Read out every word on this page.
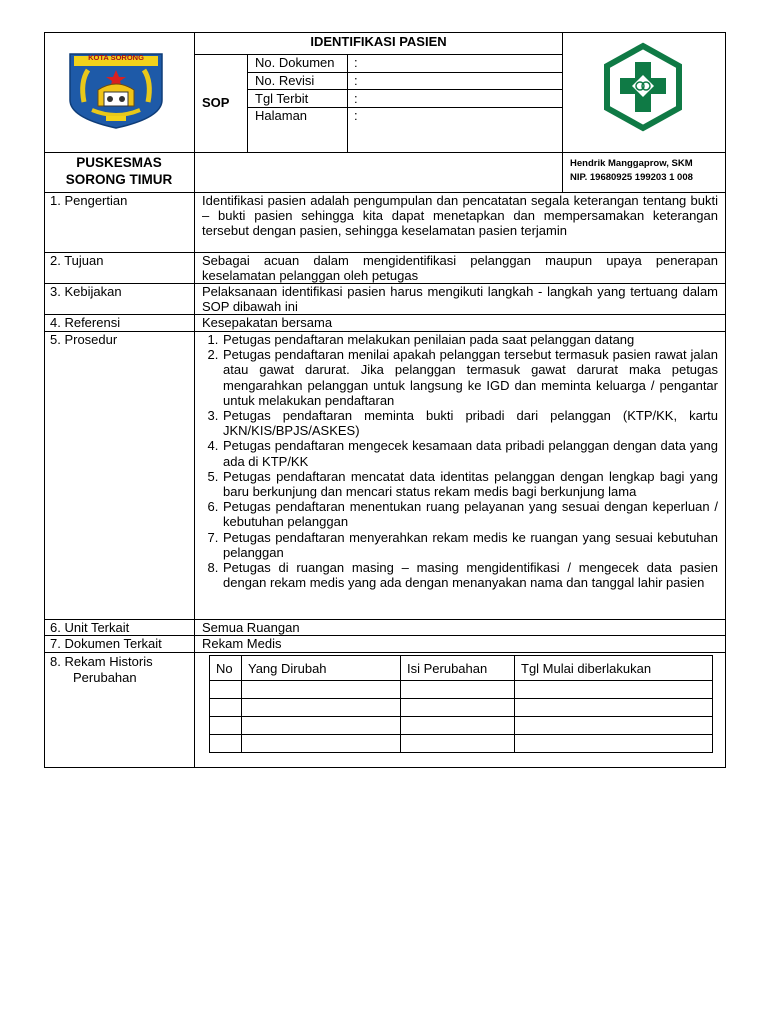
KOTA SORONG
IDENTIFIKASI PASIEN
SOP
No. Dokumen :
No. Revisi	:
Tgl Terbit	:
Halaman	:
PUSKESMAS
SORONG TIMUR
Hendrik Manggaprow, SKM
NIP. 19680925 199203 1 008
1. Pengertian	Identifikasi pasien adalah pengumpulan dan pencatatan segala keterangan tentang bukti – bukti pasien sehingga kita dapat menetapkan dan mempersamakan keterangan tersebut dengan pasien, sehingga keselamatan pasien terjamin
2. Tujuan	Sebagai acuan dalam mengidentifikasi pelanggan maupun upaya penerapan keselamatan pelanggan oleh petugas
3. Kebijakan	Pelaksanaan identifikasi pasien harus mengikuti langkah - langkah yang tertuang dalam SOP dibawah ini
4. Referensi	Kesepakatan bersama
5. Prosedur	1. Petugas pendaftaran melakukan penilaian pada saat pelanggan datang
2. Petugas pendaftaran menilai apakah pelanggan tersebut termasuk pasien rawat jalan atau gawat darurat. Jika pelanggan termasuk gawat darurat maka petugas mengarahkan pelanggan untuk langsung ke IGD dan meminta keluarga / pengantar untuk melakukan pendaftaran
3. Petugas pendaftaran meminta bukti pribadi dari pelanggan (KTP/KK, kartu JKN/KIS/BPJS/ASKES)
4. Petugas pendaftaran mengecek kesamaan data pribadi pelanggan dengan data yang ada di KTP/KK
5. Petugas pendaftaran mencatat data identitas pelanggan dengan lengkap bagi yang baru berkunjung dan mencari status rekam medis bagi berkunjung lama
6. Petugas pendaftaran menentukan ruang pelayanan yang sesuai dengan keperluan / kebutuhan pelanggan
7. Petugas pendaftaran menyerahkan rekam medis ke ruangan yang sesuai kebutuhan pelanggan
8. Petugas di ruangan masing – masing mengidentifikasi / mengecek data pasien dengan rekam medis yang ada dengan menanyakan nama dan tanggal lahir pasien
6. Unit Terkait	Semua Ruangan
7. Dokumen Terkait	Rekam Medis
8. Rekam Historis
Perubahan
No	Yang Dirubah	Isi Perubahan	Tgl Mulai diberlakukan
